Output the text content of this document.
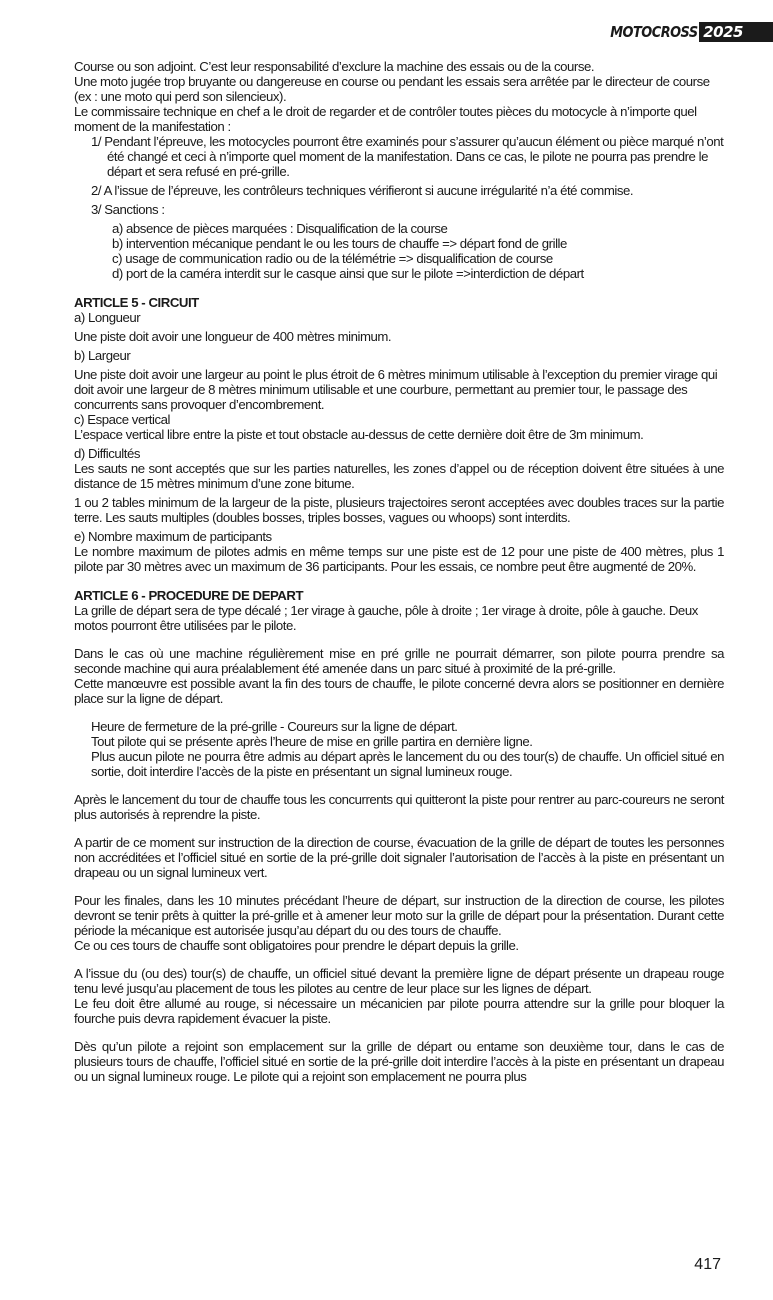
MOTOCROSS 2025

Course ou son adjoint. C’est leur responsabilité d’exclure la machine des essais ou de la course.

Une moto jugée trop bruyante ou dangereuse en course ou pendant les essais sera arrêtée par le directeur de course (ex : une moto qui perd son silencieux).

Le commissaire technique en chef a le droit de regarder et de contrôler toutes pièces du motocycle à n’importe quel moment de la manifestation :

1/ Pendant l’épreuve, les motocycles pourront être examinés pour s’assurer qu’aucun élément ou pièce marqué n’ont été changé et ceci à n’importe quel moment de la manifestation. Dans ce cas, le pilote ne pourra pas prendre le départ et sera refusé en pré-grille.

2/ A l’issue de l’épreuve, les contrôleurs techniques vérifieront si aucune irrégularité n’a été commise.

3/ Sanctions :

a) absence de pièces marquées : Disqualification de la course

b) intervention mécanique pendant le ou les tours de chauffe => départ fond de grille

c) usage de communication radio ou de la télémétrie => disqualification de course

d) port de la caméra interdit sur le casque ainsi que sur le pilote =>interdiction de départ

ARTICLE 5 - CIRCUIT

a) Longueur

Une piste doit avoir une longueur de 400 mètres minimum.

b) Largeur

Une piste doit avoir une largeur au point le plus étroit de 6 mètres minimum utilisable à l’exception du premier virage qui doit avoir une largeur de 8 mètres minimum utilisable et une courbure, permettant au premier tour, le passage des concurrents sans provoquer d’encombrement.

c) Espace vertical

L’espace vertical libre entre la piste et tout obstacle au-dessus de cette dernière doit être de 3m minimum.

d) Difficultés

Les sauts ne sont acceptés que sur les parties naturelles, les zones d’appel ou de réception doivent être situées à une distance de 15 mètres minimum d’une zone bitume.

1 ou 2 tables minimum de la largeur de la piste, plusieurs trajectoires seront acceptées avec doubles traces sur la partie terre. Les sauts multiples (doubles bosses, triples bosses, vagues ou whoops) sont interdits.

e) Nombre maximum de participants

Le nombre maximum de pilotes admis en même temps sur une piste est de 12 pour une piste de 400 mètres, plus 1 pilote par 30 mètres avec un maximum de 36 participants. Pour les essais, ce nombre peut être augmenté de 20%.

ARTICLE 6 - PROCEDURE DE DEPART

La grille de départ sera de type décalé ; 1er virage à gauche, pôle à droite ; 1er virage à droite, pôle à gauche. Deux motos pourront être utilisées par le pilote.

Dans le cas où une machine régulièrement mise en pré grille ne pourrait démarrer, son pilote pourra prendre sa seconde machine qui aura préalablement été amenée dans un parc situé à proximité de la pré-grille.

Cette manœuvre est possible avant la fin des tours de chauffe, le pilote concerné devra alors se positionner en dernière place sur la ligne de départ.

Heure de fermeture de la pré-grille - Coureurs sur la ligne de départ.

Tout pilote qui se présente après l’heure de mise en grille partira en dernière ligne.

Plus aucun pilote ne pourra être admis au départ après le lancement du ou des tour(s) de chauffe. Un officiel situé en sortie, doit interdire l’accès de la piste en présentant un signal lumineux rouge.

Après le lancement du tour de chauffe tous les concurrents qui quitteront la piste pour rentrer au parc-coureurs ne seront plus autorisés à reprendre la piste.

A partir de ce moment sur instruction de la direction de course, évacuation de la grille de départ de toutes les personnes non accréditées et l’officiel situé en sortie de la pré-grille doit signaler l’autorisation de l’accès à la piste en présentant un drapeau ou un signal lumineux vert.

Pour les finales, dans les 10 minutes précédant l’heure de départ, sur instruction de la direction de course, les pilotes devront se tenir prêts à quitter la pré-grille et à amener leur moto sur la grille de départ pour la présentation. Durant cette période la mécanique est autorisée jusqu’au départ du ou des tours de chauffe.

Ce ou ces tours de chauffe sont obligatoires pour prendre le départ depuis la grille.

A l’issue du (ou des) tour(s) de chauffe, un officiel situé devant la première ligne de départ présente un drapeau rouge tenu levé jusqu’au placement de tous les pilotes au centre de leur place sur les lignes de départ.

Le feu doit être allumé au rouge, si nécessaire un mécanicien par pilote pourra attendre sur la grille pour bloquer la fourche puis devra rapidement évacuer la piste.

Dès qu’un pilote a rejoint son emplacement sur la grille de départ ou entame son deuxième tour, dans le cas de plusieurs tours de chauffe, l’officiel situé en sortie de la pré-grille doit interdire l’accès à la piste en présentant un drapeau ou un signal lumineux rouge. Le pilote qui a rejoint son emplacement ne pourra plus

417
